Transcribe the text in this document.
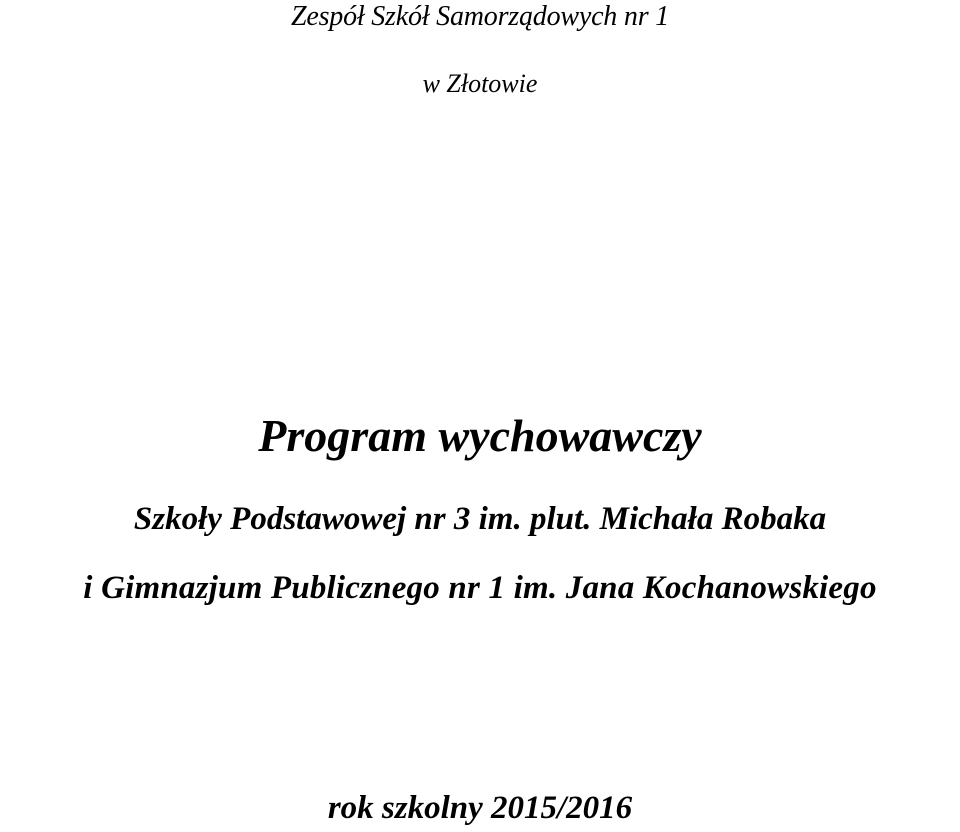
Zespół Szkół Samorządowych nr 1

w Złotowie

Program wychowawczy

Szkoły Podstawowej nr 3 im. plut. Michała Robaka

i Gimnazjum Publicznego nr 1 im. Jana Kochanowskiego

rok szkolny 2015/2016
